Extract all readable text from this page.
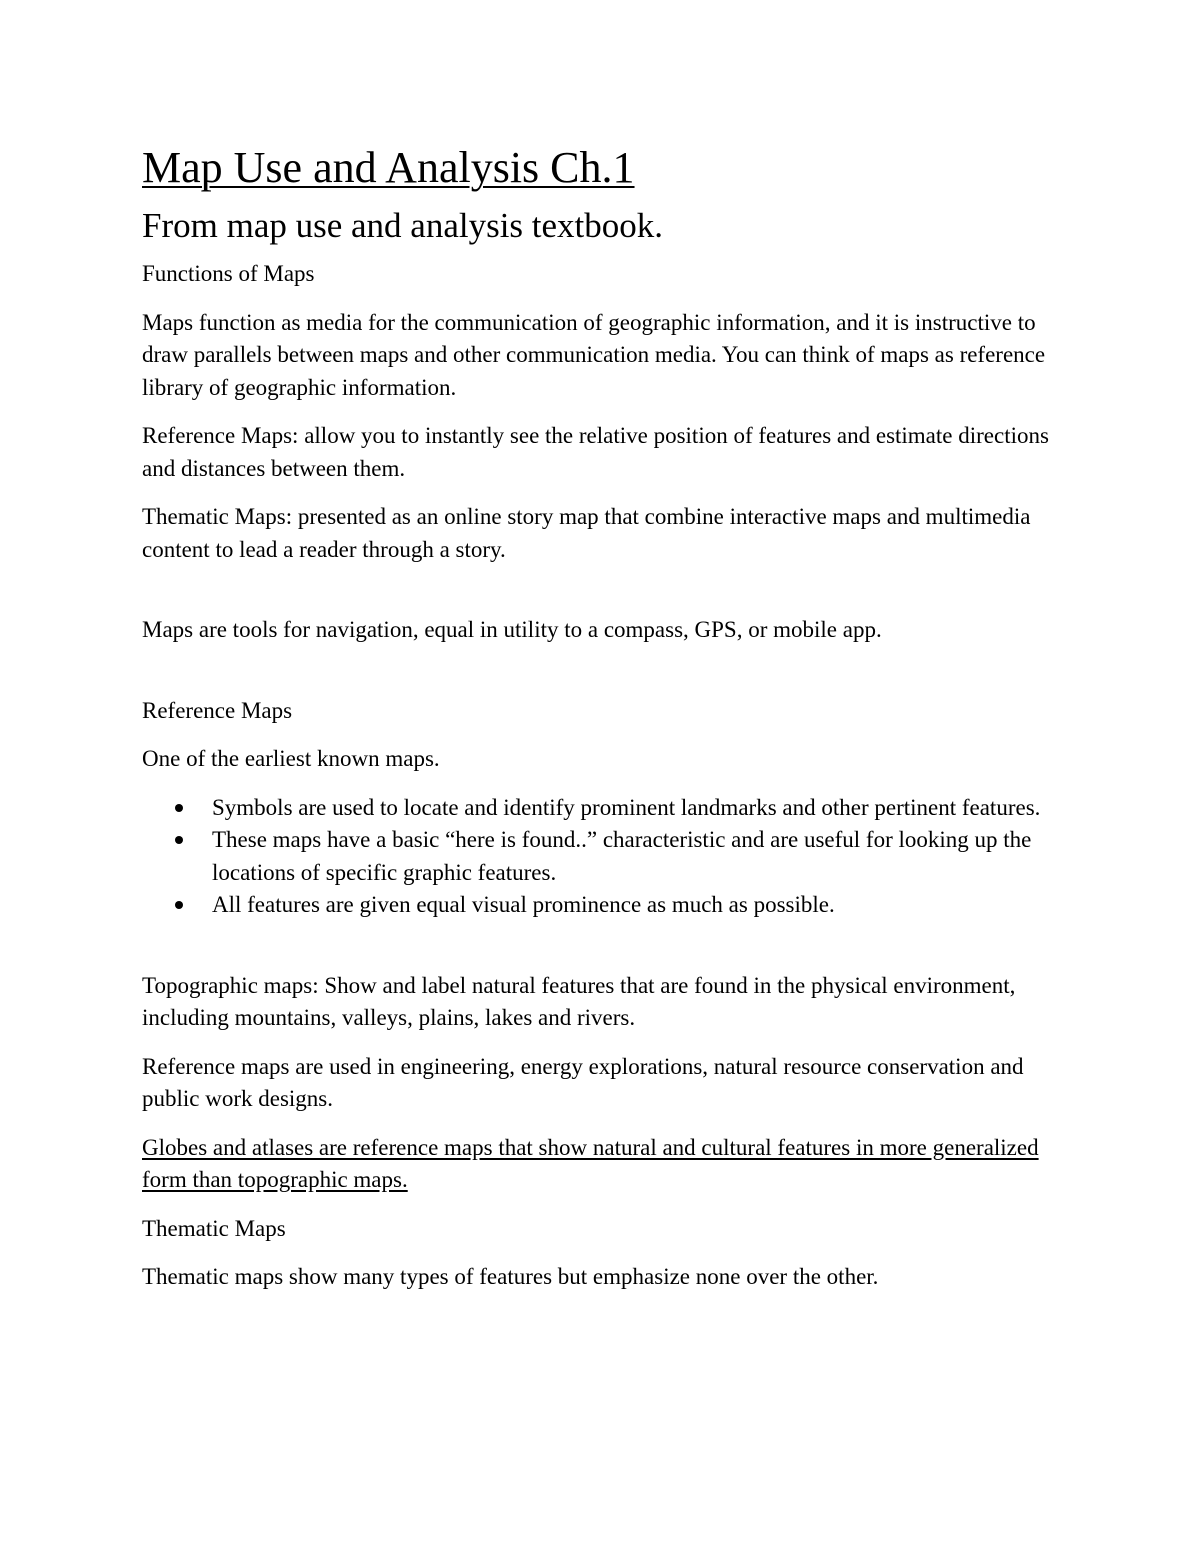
Map Use and Analysis Ch.1
From map use and analysis textbook.

Functions of Maps

Maps function as media for the communication of geographic information, and it is instructive to draw parallels between maps and other communication media. You can think of maps as reference library of geographic information.

Reference Maps: allow you to instantly see the relative position of features and estimate directions and distances between them.

Thematic Maps: presented as an online story map that combine interactive maps and multimedia content to lead a reader through a story.

Maps are tools for navigation, equal in utility to a compass, GPS, or mobile app.

Reference Maps

One of the earliest known maps.

Symbols are used to locate and identify prominent landmarks and other pertinent features.
These maps have a basic “here is found..” characteristic and are useful for looking up the locations of specific graphic features.
All features are given equal visual prominence as much as possible.

Topographic maps: Show and label natural features that are found in the physical environment, including mountains, valleys, plains, lakes and rivers.

Reference maps are used in engineering, energy explorations, natural resource conservation and public work designs.

Globes and atlases are reference maps that show natural and cultural features in more generalized form than topographic maps.

Thematic Maps

Thematic maps show many types of features but emphasize none over the other.
